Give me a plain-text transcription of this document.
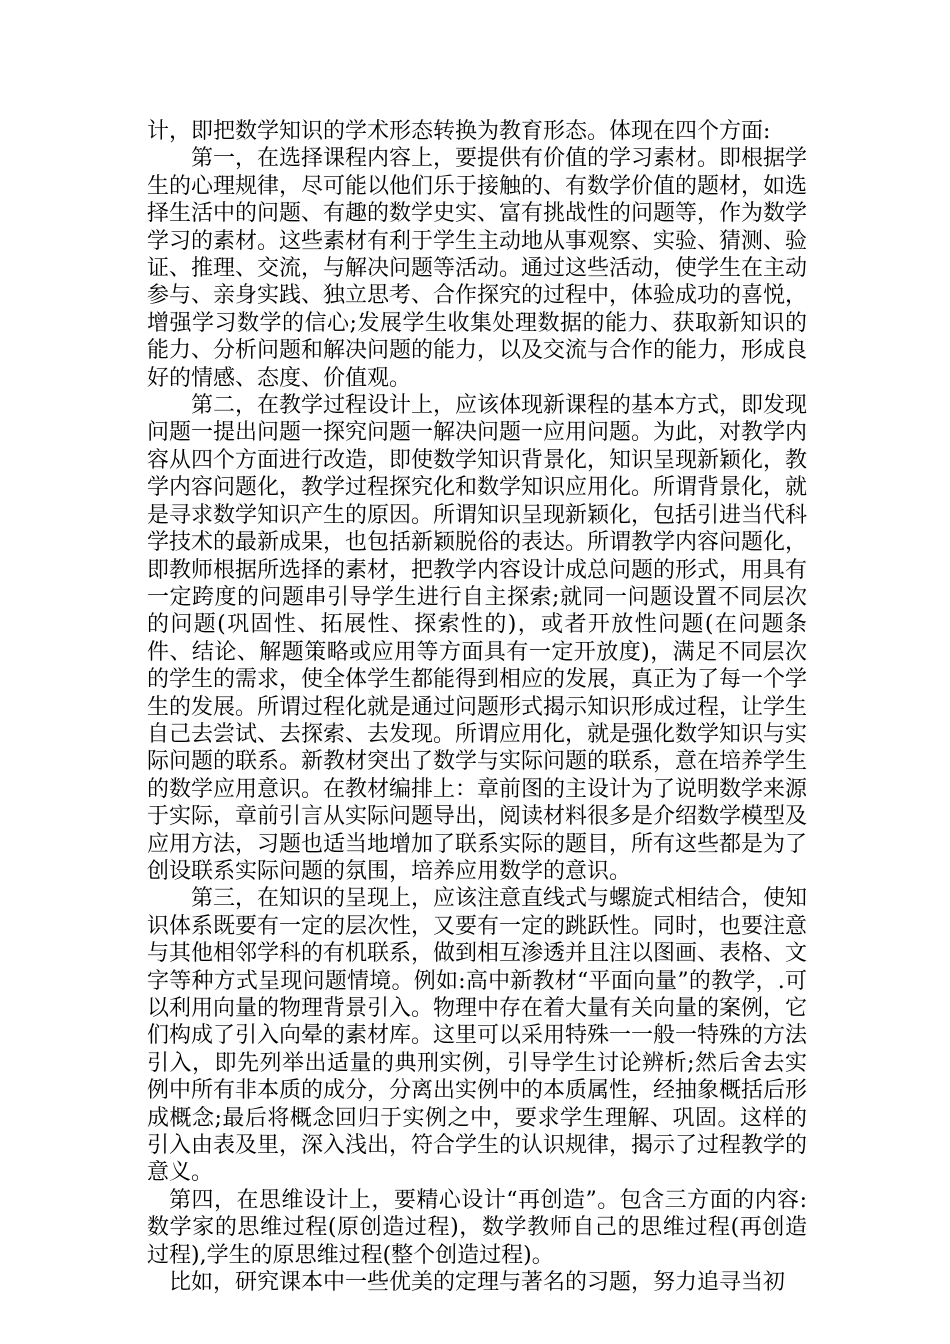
计，即把数学知识的学术形态转换为教育形态。体现在四个方面:

第一，在选择课程内容上，要提供有价值的学习素材。即根据学生的心理规律，尽可能以他们乐于接触的、有数学价值的题材，如选择生活中的问题、有趣的数学史实、富有挑战性的问题等，作为数学学习的素材。这些素材有利于学生主动地从事观察、实验、猜测、验证、推理、交流，与解决问题等活动。通过这些活动，使学生在主动参与、亲身实践、独立思考、合作探究的过程中，体验成功的喜悦，增强学习数学的信心;发展学生收集处理数据的能力、获取新知识的能力、分析问题和解决问题的能力，以及交流与合作的能力，形成良好的情感、态度、价值观。

第二，在教学过程设计上，应该体现新课程的基本方式，即发现问题一提出问题一探究问题一解决问题一应用问题。为此，对教学内容从四个方面进行改造，即使数学知识背景化，知识呈现新颖化，教学内容问题化，教学过程探究化和数学知识应用化。所谓背景化，就是寻求数学知识产生的原因。所谓知识呈现新颖化，包括引进当代科学技术的最新成果，也包括新颖脱俗的表达。所谓教学内容问题化，即教师根据所选择的素材，把教学内容设计成总问题的形式，用具有一定跨度的问题串引导学生进行自主探索;就同一问题设置不同层次的问题(巩固性、拓展性、探索性的)，或者开放性问题(在问题条件、结论、解题策略或应用等方面具有一定开放度)，满足不同层次的学生的需求，使全体学生都能得到相应的发展，真正为了每一个学生的发展。所谓过程化就是通过问题形式揭示知识形成过程，让学生自己去尝试、去探索、去发现。所谓应用化，就是强化数学知识与实际问题的联系。新教材突出了数学与实际问题的联系，意在培养学生的数学应用意识。在教材编排上：章前图的主设计为了说明数学来源于实际，章前引言从实际问题导出，阅读材料很多是介绍数学模型及应用方法，习题也适当地增加了联系实际的题目，所有这些都是为了创设联系实际问题的氛围，培养应用数学的意识。

第三，在知识的呈现上，应该注意直线式与螺旋式相结合，使知识体系既要有一定的层次性，又要有一定的跳跃性。同时，也要注意与其他相邻学科的有机联系，做到相互渗透并且注以图画、表格、文字等种方式呈现问题情境。例如:高中新教材“平面向量”的教学，.可以利用向量的物理背景引入。物理中存在着大量有关向量的案例，它们构成了引入向晕的素材库。这里可以采用特殊一一般一特殊的方法引入，即先列举出适量的典刑实例，引导学生讨论辨析;然后舍去实例中所有非本质的成分，分离出实例中的本质属性，经抽象概括后形成概念;最后将概念回归于实例之中，要求学生理解、巩固。这样的引入由表及里，深入浅出，符合学生的认识规律，揭示了过程教学的意义。

第四，在思维设计上，要精心设计“再创造”。包含三方面的内容:数学家的思维过程(原创造过程)，数学教师自己的思维过程(再创造过程),学生的原思维过程(整个创造过程)。

比如，研究课本中一些优美的定理与著名的习题，努力追寻当初
